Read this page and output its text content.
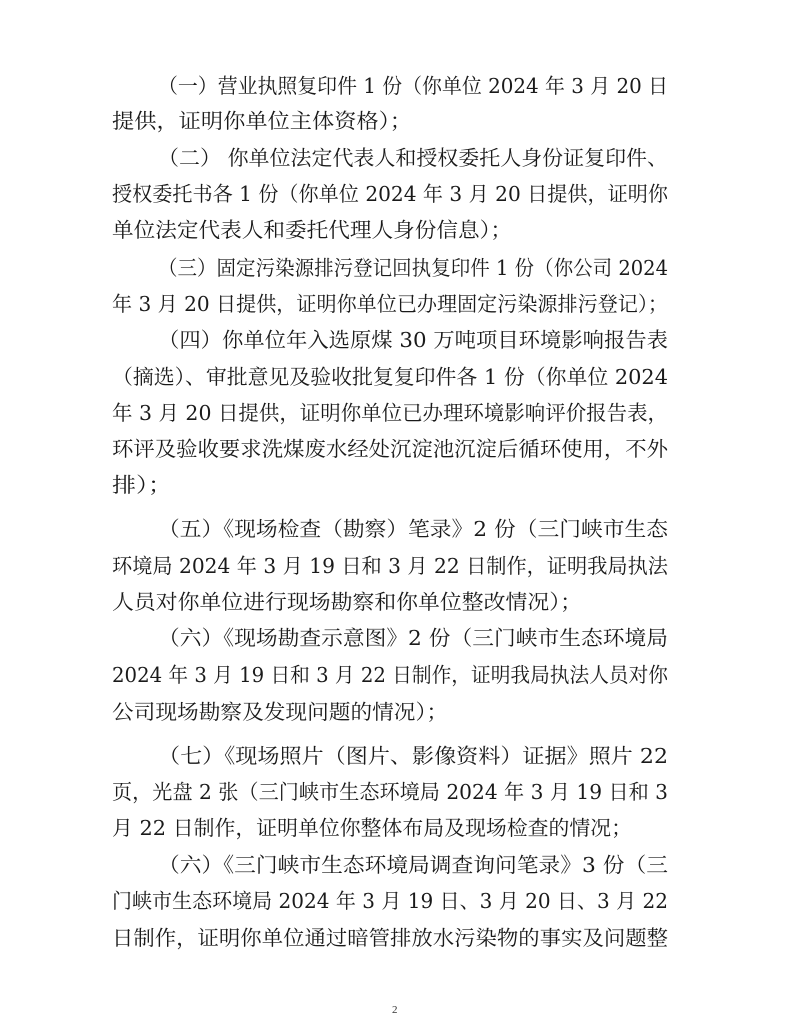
（一）营业执照复印件 1 份（你单位 2024 年 3 月 20 日

提供，证明你单位主体资格）；

（二） 你单位法定代表人和授权委托人身份证复印件、

授权委托书各 1 份（你单位 2024 年 3 月 20 日提供，证明你

单位法定代表人和委托代理人身份信息）；

（三）固定污染源排污登记回执复印件 1 份（你公司 2024

年 3 月 20 日提供，证明你单位已办理固定污染源排污登记）；

（四）你单位年入选原煤 30 万吨项目环境影响报告表

（摘选）、审批意见及验收批复复印件各 1 份（你单位 2024

年 3 月 20 日提供，证明你单位已办理环境影响评价报告表，

环评及验收要求洗煤废水经处沉淀池沉淀后循环使用，不外

排）；

（五）《现场检查（勘察）笔录》2 份（三门峡市生态

环境局 2024 年 3 月 19 日和 3 月 22 日制作，证明我局执法

人员对你单位进行现场勘察和你单位整改情况）；

（六）《现场勘查示意图》2 份（三门峡市生态环境局

2024 年 3 月 19 日和 3 月 22 日制作，证明我局执法人员对你

公司现场勘察及发现问题的情况）；

（七）《现场照片（图片、影像资料）证据》照片 22

页，光盘 2 张（三门峡市生态环境局 2024 年 3 月 19 日和 3

月 22 日制作，证明单位你整体布局及现场检查的情况；

（六）《三门峡市生态环境局调查询问笔录》3 份（三

门峡市生态环境局 2024 年 3 月 19 日、3 月 20 日、3 月 22

日制作，证明你单位通过暗管排放水污染物的事实及问题整

2
